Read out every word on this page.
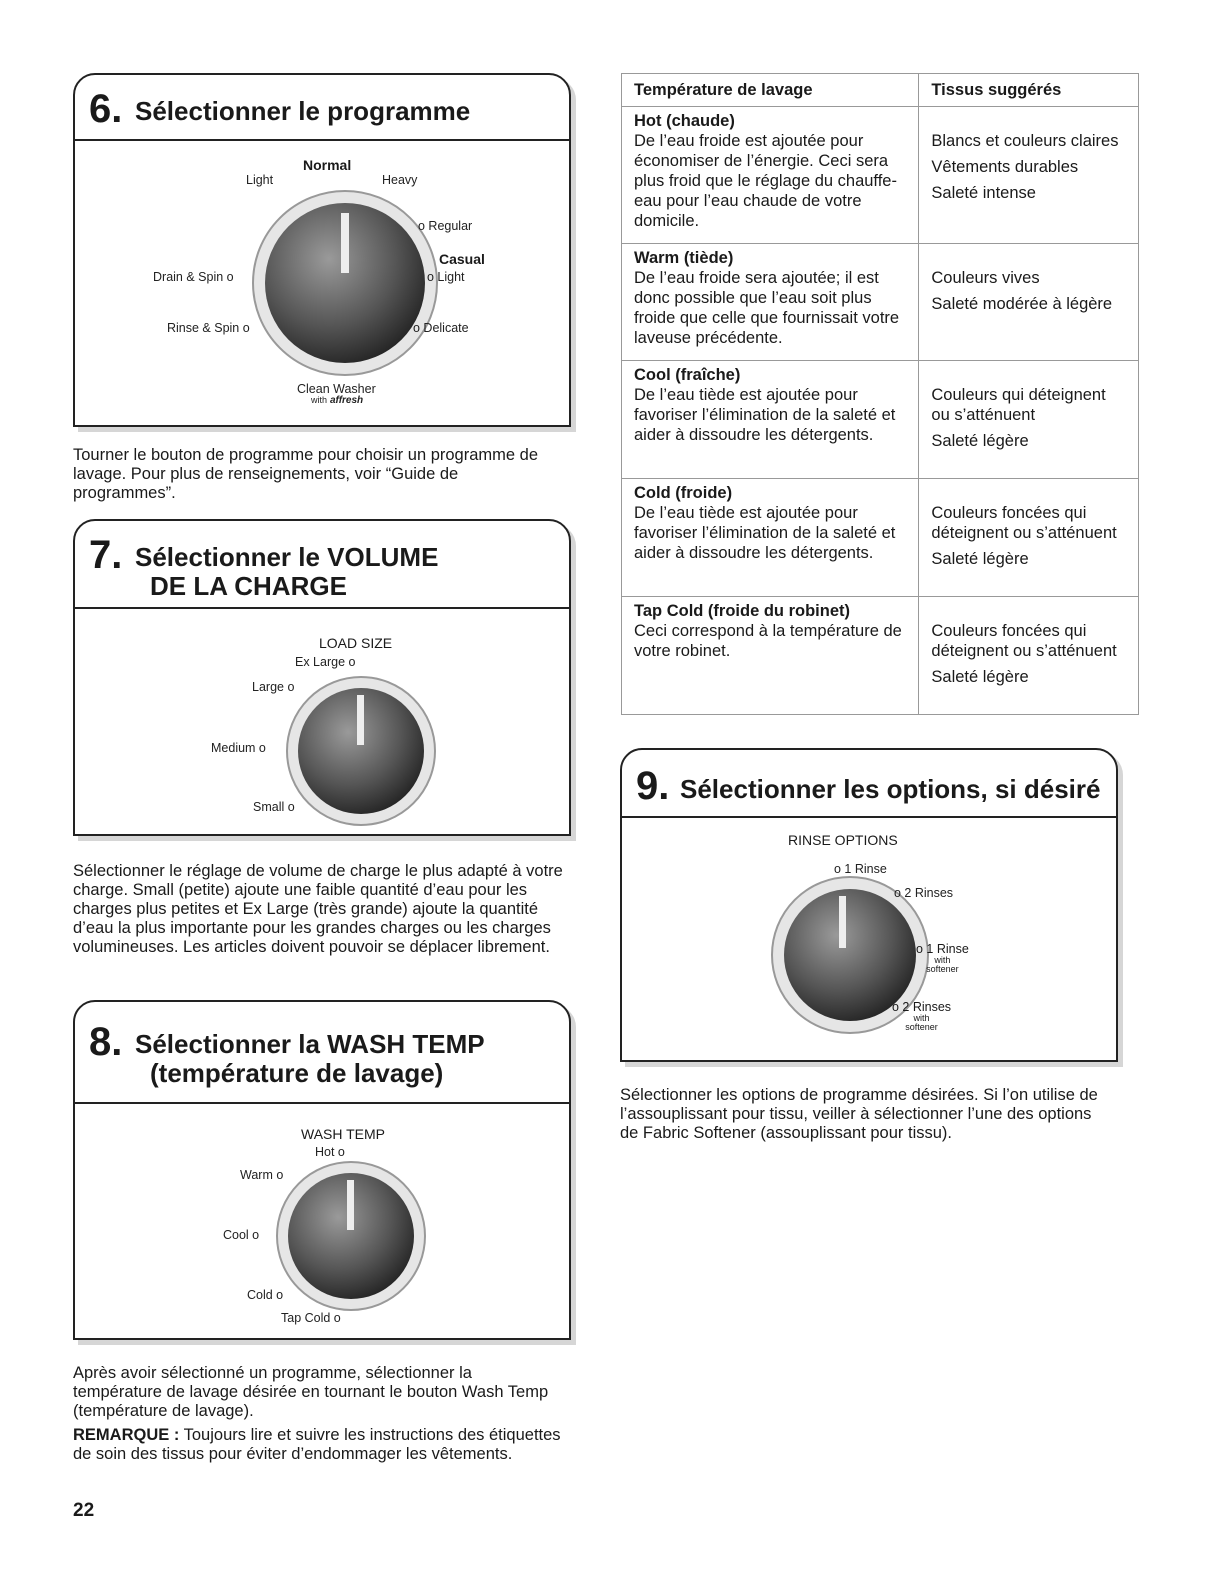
6. Sélectionner le programme
Normal
Light	Heavy
o Regular
Casual
o Light
o Delicate
Drain & Spin o
Rinse & Spin o
Clean Washer
with affresh
Tourner le bouton de programme pour choisir un programme de lavage. Pour plus de renseignements, voir “Guide de programmes”.
7. Sélectionner le VOLUME
DE LA CHARGE
LOAD SIZE
Ex Large o
Large o
Medium o
Small o
Sélectionner le réglage de volume de charge le plus adapté à votre charge. Small (petite) ajoute une faible quantité d’eau pour les charges plus petites et Ex Large (très grande) ajoute la quantité d’eau la plus importante pour les grandes charges ou les charges volumineuses. Les articles doivent pouvoir se déplacer librement.
8. Sélectionner la WASH TEMP
(température de lavage)
WASH TEMP
Hot o
Warm o
Cool o
Cold o
Tap Cold o
Après avoir sélectionné un programme, sélectionner la température de lavage désirée en tournant le bouton Wash Temp (température de lavage).
REMARQUE : Toujours lire et suivre les instructions des étiquettes de soin des tissus pour éviter d’endommager les vêtements.
Température de lavage	Tissus suggérés
Hot (chaude)
De l’eau froide est ajoutée pour économiser de l’énergie. Ceci sera plus froid que le réglage du chauffe-eau pour l’eau chaude de votre domicile.	Blancs et couleurs claires
Vêtements durables
Saleté intense

Warm (tiède)
De l’eau froide sera ajoutée; il est donc possible que l’eau soit plus froide que celle que fournissait votre laveuse précédente.	Couleurs vives
Saleté modérée à légère

Cool (fraîche)
De l’eau tiède est ajoutée pour favoriser l’élimination de la saleté et aider à dissoudre les détergents.	Couleurs qui déteignent ou s’atténuent
Saleté légère

Cold (froide)
De l’eau tiède est ajoutée pour favoriser l’élimination de la saleté et aider à dissoudre les détergents.	Couleurs foncées qui déteignent ou s’atténuent
Saleté légère

Tap Cold (froide du robinet)
Ceci correspond à la température de votre robinet.	Couleurs foncées qui déteignent ou s’atténuent
Saleté légère
9. Sélectionner les options, si désiré
RINSE OPTIONS
o 1 Rinse
o 2 Rinses
o 1 Rinse
with
softener
o 2 Rinses
with
softener
Sélectionner les options de programme désirées. Si l’on utilise de l’assouplissant pour tissu, veiller à sélectionner l’une des options de Fabric Softener (assouplissant pour tissu).
22
